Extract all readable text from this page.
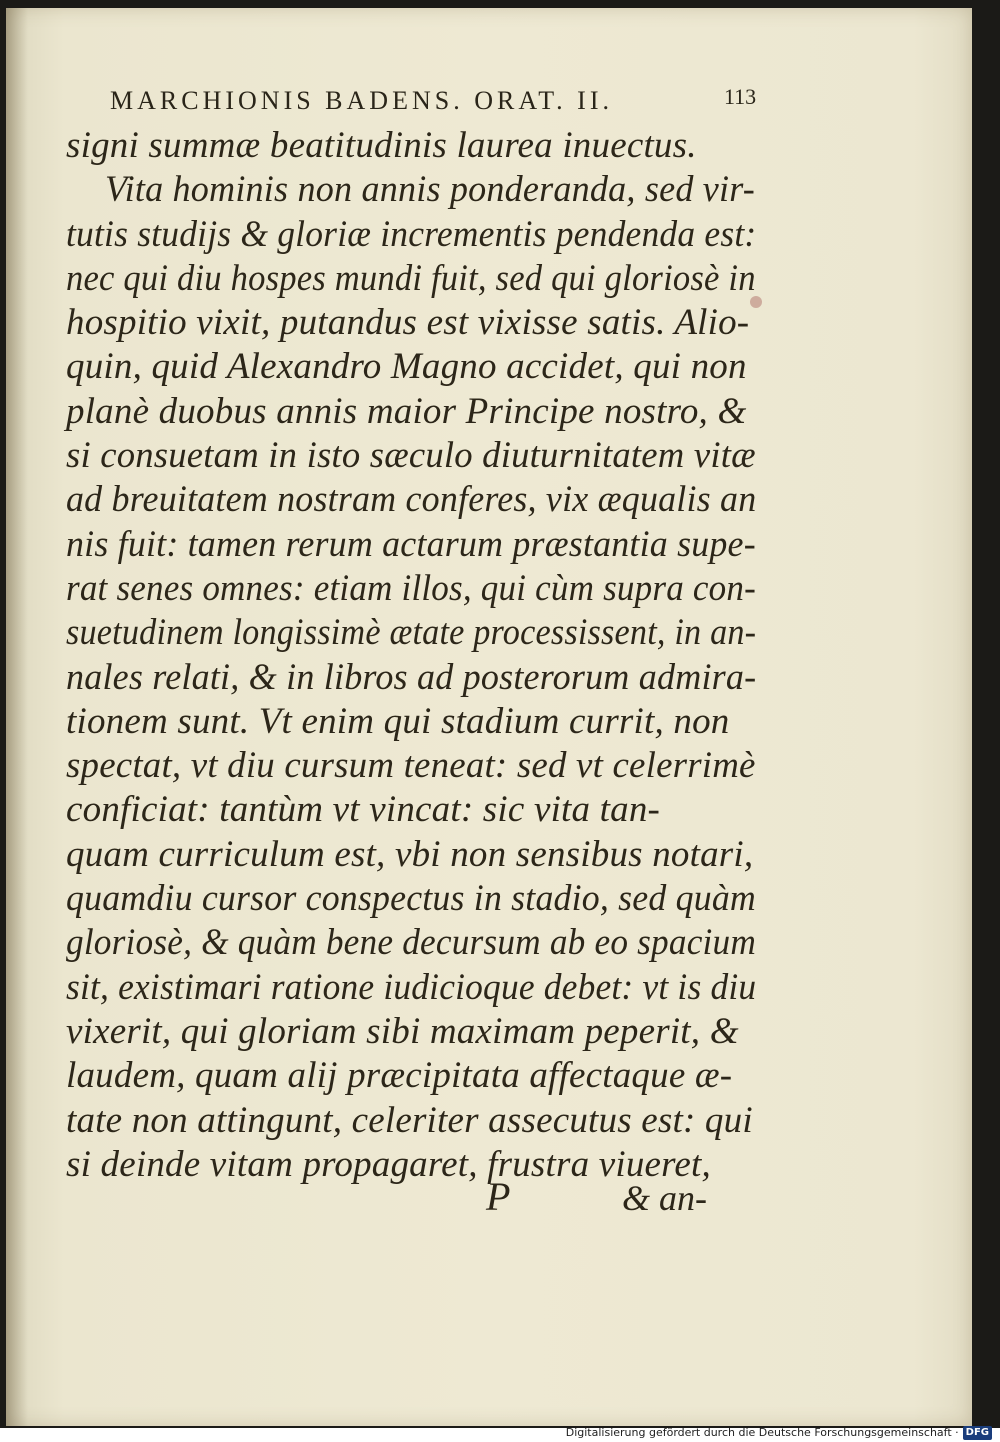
MARCHIONIS BADENS. ORAT. II.	113
signi summæ beatitudinis laurea inuectus.
Vita hominis non annis ponderanda, sed vir-
tutis studijs & gloriæ incrementis pendenda est:
nec qui diu hospes mundi fuit, sed qui gloriosè in
hospitio vixit, putandus est vixisse satis. Alio-
quin, quid Alexandro Magno accidet, qui non
planè duobus annis maior Principe nostro, &
si consuetam in isto sæculo diuturnitatem vitæ
ad breuitatem nostram conferes, vix æqualis an
nis fuit: tamen rerum actarum præstantia supe-
rat senes omnes: etiam illos, qui cùm supra con-
suetudinem longissimè ætate processissent, in an-
nales relati, & in libros ad posterorum admira-
tionem sunt. Vt enim qui stadium currit, non
spectat, vt diu cursum teneat: sed vt celerrimè
conficiat: tantùm vt vincat: sic vita tan-
quam curriculum est, vbi non sensibus notari,
quamdiu cursor conspectus in stadio, sed quàm
gloriosè, & quàm bene decursum ab eo spacium
sit, existimari ratione iudicioque debet: vt is diu
vixerit, qui gloriam sibi maximam peperit, &
laudem, quam alij præcipitata affectaque æ-
tate non attingunt, celeriter assecutus est: qui
si deinde vitam propagaret, frustra viueret,
P	& an-
Digitalisierung gefördert durch die Deutsche Forschungsgemeinschaft · DFG
